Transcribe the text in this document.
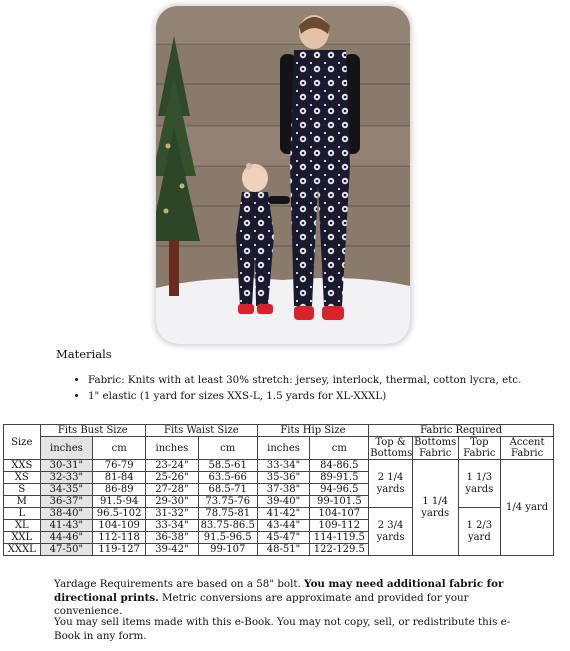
Materials
• Fabric: Knits with at least 30% stretch: jersey, interlock, thermal, cotton lycra, etc.
• 1" elastic (1 yard for sizes XXS-L, 1.5 yards for XL-XXXL)
Size	Fits Bust Size		Fits Waist Size		Fits Hip Size		Fabric Required			
	inches	cm	inches	cm	inches	cm	Top & Bottoms	Bottoms Fabric	Top Fabric	Accent Fabric
XXS	30-31"	76-79	23-24"	58.5-61	33-34"	84-86.5	2 1/4 yards	1 1/4 yards	1 1/3 yards	1/4 yard
XS	32-33"	81-84	25-26"	63.5-66	35-36"	89-91.5				
S	34-35"	86-89	27-28"	68.5-71	37-38"	94-96.5				
M	36-37"	91.5-94	29-30"	73.75-76	39-40"	99-101.5				
L	38-40"	96.5-102	31-32"	78.75-81	41-42"	104-107	2 3/4 yards		1 2/3 yard	
XL	41-43"	104-109	33-34"	83.75-86.5	43-44"	109-112				
XXL	44-46"	112-118	36-38"	91.5-96.5	45-47"	114-119.5				
XXXL	47-50"	119-127	39-42"	99-107	48-51"	122-129.5				
Yardage Requirements are based on a 58" bolt. You may need additional fabric for directional prints. Metric conversions are approximate and provided for your convenience.
You may sell items made with this e-Book. You may not copy, sell, or redistribute this e-Book in any form.
